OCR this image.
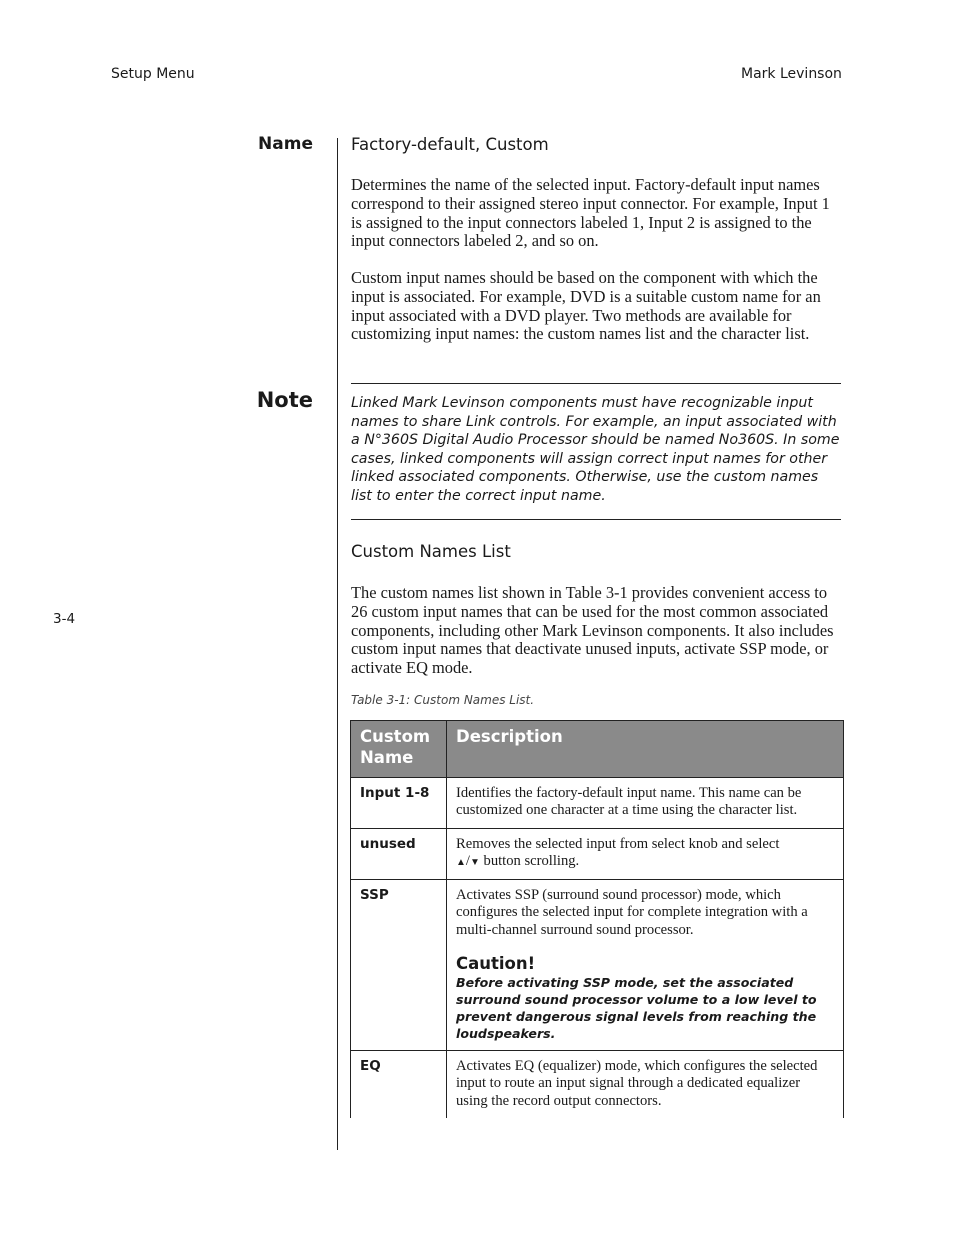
Setup Menu	Mark Levinson
Name Factory-default, Custom

Determines the name of the selected input. Factory-default input names correspond to their assigned stereo input connector. For example, Input 1 is assigned to the input connectors labeled 1, Input 2 is assigned to the input connectors labeled 2, and so on.

Custom input names should be based on the component with which the input is associated. For example, DVD is a suitable custom name for an input associated with a DVD player. Two methods are available for customizing input names: the custom names list and the character list.

Note	Linked Mark Levinson components must have recognizable input names to share Link controls. For example, an input associated with a N°360S Digital Audio Processor should be named No360S. In some cases, linked components will assign correct input names for other linked associated components. Otherwise, use the custom names list to enter the correct input name.

Custom Names List

The custom names list shown in Table 3-1 provides convenient access to 26 custom input names that can be used for the most common associated components, including other Mark Levinson components. It also includes custom input names that deactivate unused inputs, activate SSP mode, or activate EQ mode.

Table 3-1: Custom Names List.
3-4
Custom Name	Description
Input 1-8	Identifies the factory-default input name. This name can be customized one character at a time using the character list.
unused	Removes the selected input from select knob and select
▲/▼ button scrolling.
SSP	Activates SSP (surround sound processor) mode, which configures the selected input for complete integration with a multi-channel surround sound processor.
Caution!
Before activating SSP mode, set the associated surround sound processor volume to a low level to prevent dangerous signal levels from reaching the loudspeakers.

EQ	Activates EQ (equalizer) mode, which configures the selected input to route an input signal through a dedicated equalizer using the record output connectors.
